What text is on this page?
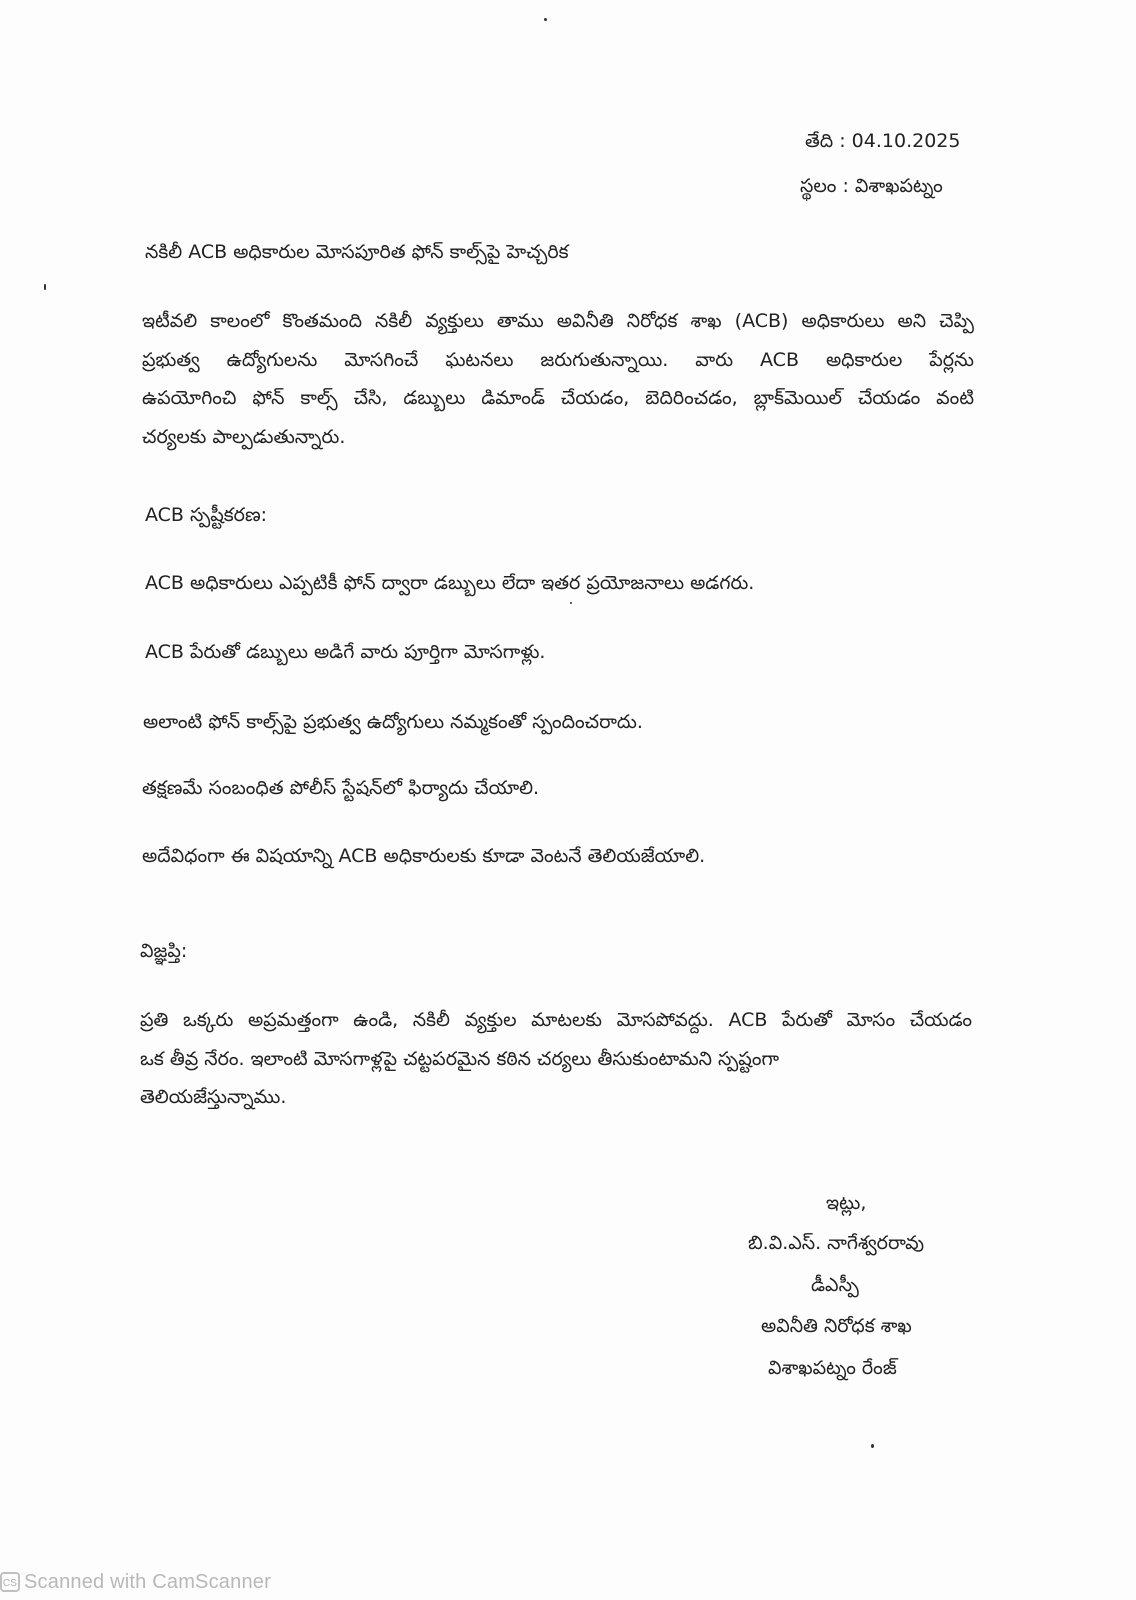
తేది : 04.10.2025
స్థలం : విశాఖపట్నం
నకిలీ ACB అధికారుల మోసపూరిత ఫోన్ కాల్స్‌పై హెచ్చరిక
ఇటీవలి కాలంలో కొంతమంది నకిలీ వ్యక్తులు తాము అవినీతి నిరోధక శాఖ (ACB) అధికారులు అని చెప్పి
ప్రభుత్వ ఉద్యోగులను మోసగించే ఘటనలు జరుగుతున్నాయి. వారు ACB అధికారుల పేర్లను
ఉపయోగించి ఫోన్ కాల్స్ చేసి, డబ్బులు డిమాండ్ చేయడం, బెదిరించడం, బ్లాక్‌మెయిల్ చేయడం వంటి
చర్యలకు పాల్పడుతున్నారు.
ACB స్పష్టీకరణ:
ACB అధికారులు ఎప్పటికీ ఫోన్ ద్వారా డబ్బులు లేదా ఇతర ప్రయోజనాలు అడగరు.
ACB పేరుతో డబ్బులు అడిగే వారు పూర్తిగా మోసగాళ్లు.
అలాంటి ఫోన్ కాల్స్‌పై ప్రభుత్వ ఉద్యోగులు నమ్మకంతో స్పందించరాదు.
తక్షణమే సంబంధిత పోలీస్ స్టేషన్‌లో ఫిర్యాదు చేయాలి.
అదేవిధంగా ఈ విషయాన్ని ACB అధికారులకు కూడా వెంటనే తెలియజేయాలి.
విజ్ఞప్తి:
ప్రతి ఒక్కరు అప్రమత్తంగా ఉండి, నకిలీ వ్యక్తుల మాటలకు మోసపోవద్దు. ACB పేరుతో మోసం చేయడం
ఒక తీవ్ర నేరం. ఇలాంటి మోసగాళ్లపై చట్టపరమైన కఠిన చర్యలు తీసుకుంటామని స్పష్టంగా
తెలియజేస్తున్నాము.
ఇట్లు,
బి.వి.ఎస్. నాగేశ్వరరావు
డీఎస్పీ
అవినీతి నిరోధక శాఖ
విశాఖపట్నం రేంజ్
CS Scanned with CamScanner
